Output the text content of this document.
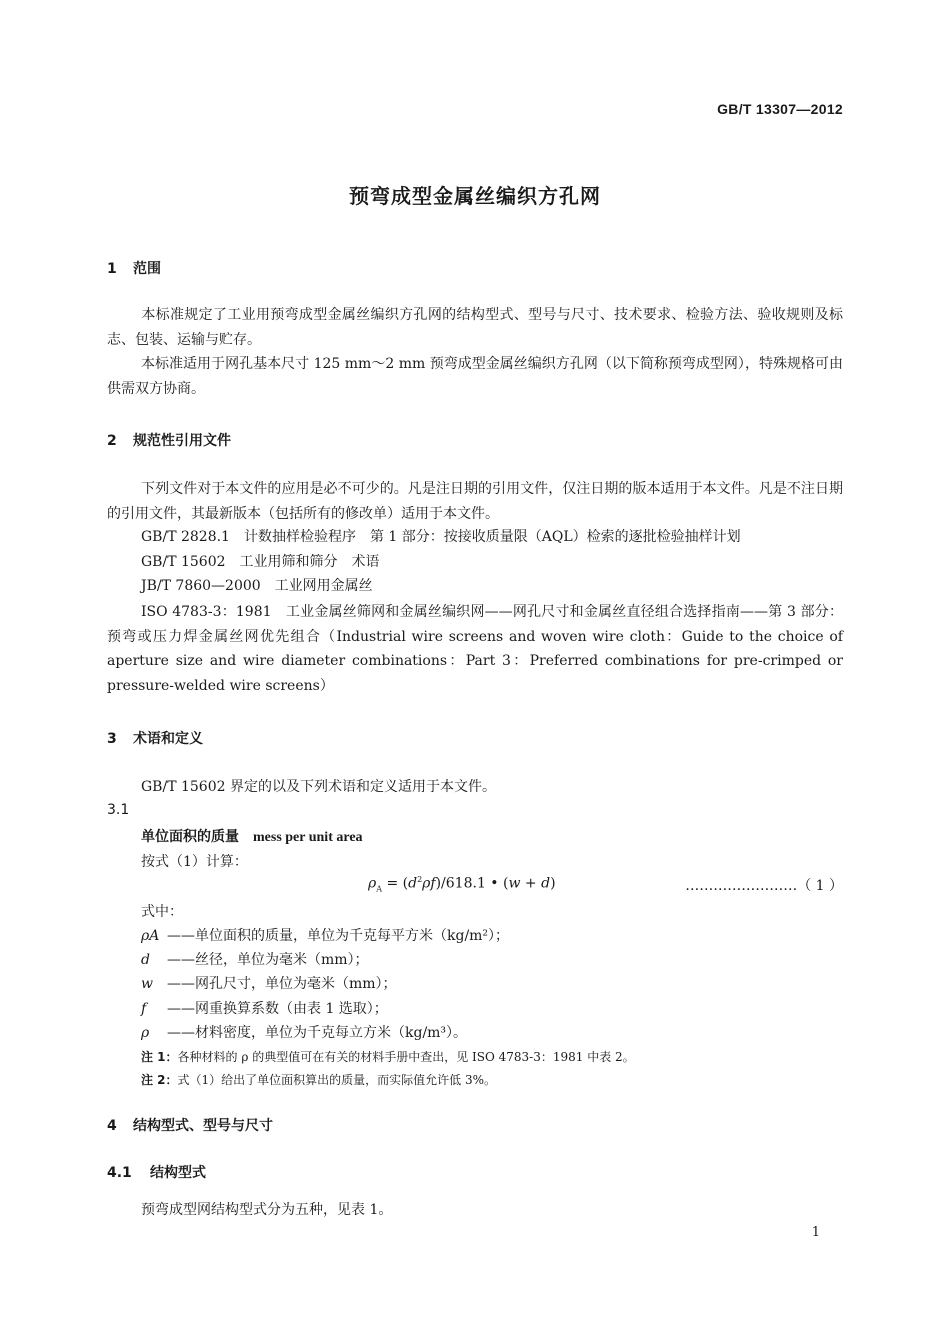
GB/T 13307—2012
预弯成型金属丝编织方孔网
1 范围
本标准规定了工业用预弯成型金属丝编织方孔网的结构型式、型号与尺寸、技术要求、检验方法、验收规则及标志、包装、运输与贮存。
本标准适用于网孔基本尺寸 125 mm～2 mm 预弯成型金属丝编织方孔网（以下简称预弯成型网），特殊规格可由供需双方协商。
2 规范性引用文件
下列文件对于本文件的应用是必不可少的。凡是注日期的引用文件，仅注日期的版本适用于本文件。凡是不注日期的引用文件，其最新版本（包括所有的修改单）适用于本文件。
GB/T 2828.1　计数抽样检验程序　第 1 部分：按接收质量限（AQL）检索的逐批检验抽样计划
GB/T 15602　工业用筛和筛分　术语
JB/T 7860—2000　工业网用金属丝
ISO 4783-3：1981　工业金属丝筛网和金属丝编织网——网孔尺寸和金属丝直径组合选择指南——第 3 部分：预弯或压力焊金属丝网优先组合（Industrial wire screens and woven wire cloth：Guide to the choice of aperture size and wire diameter combinations：Part 3：Preferred combinations for pre-crimped or pressure-welded wire screens）
3 术语和定义
GB/T 15602 界定的以及下列术语和定义适用于本文件。
3.1
单位面积的质量 mess per unit area
按式（1）计算：
$\rho_A = (d^2\rho f)/618.1$ • (w + d)	……………………（ 1 ）
式中：
ρA ——单位面积的质量，单位为千克每平方米（kg/m²）；
d ——丝径，单位为毫米（mm）；
w ——网孔尺寸，单位为毫米（mm）；
f ——网重换算系数（由表 1 选取）；
ρ ——材料密度，单位为千克每立方米（kg/m³）。
注 1：各种材料的 ρ 的典型值可在有关的材料手册中查出，见 ISO 4783-3：1981 中表 2。
注 2：式（1）给出了单位面积算出的质量，而实际值允许低 3%。
4 结构型式、型号与尺寸
4.1 结构型式
预弯成型网结构型式分为五种，见表 1。
1
